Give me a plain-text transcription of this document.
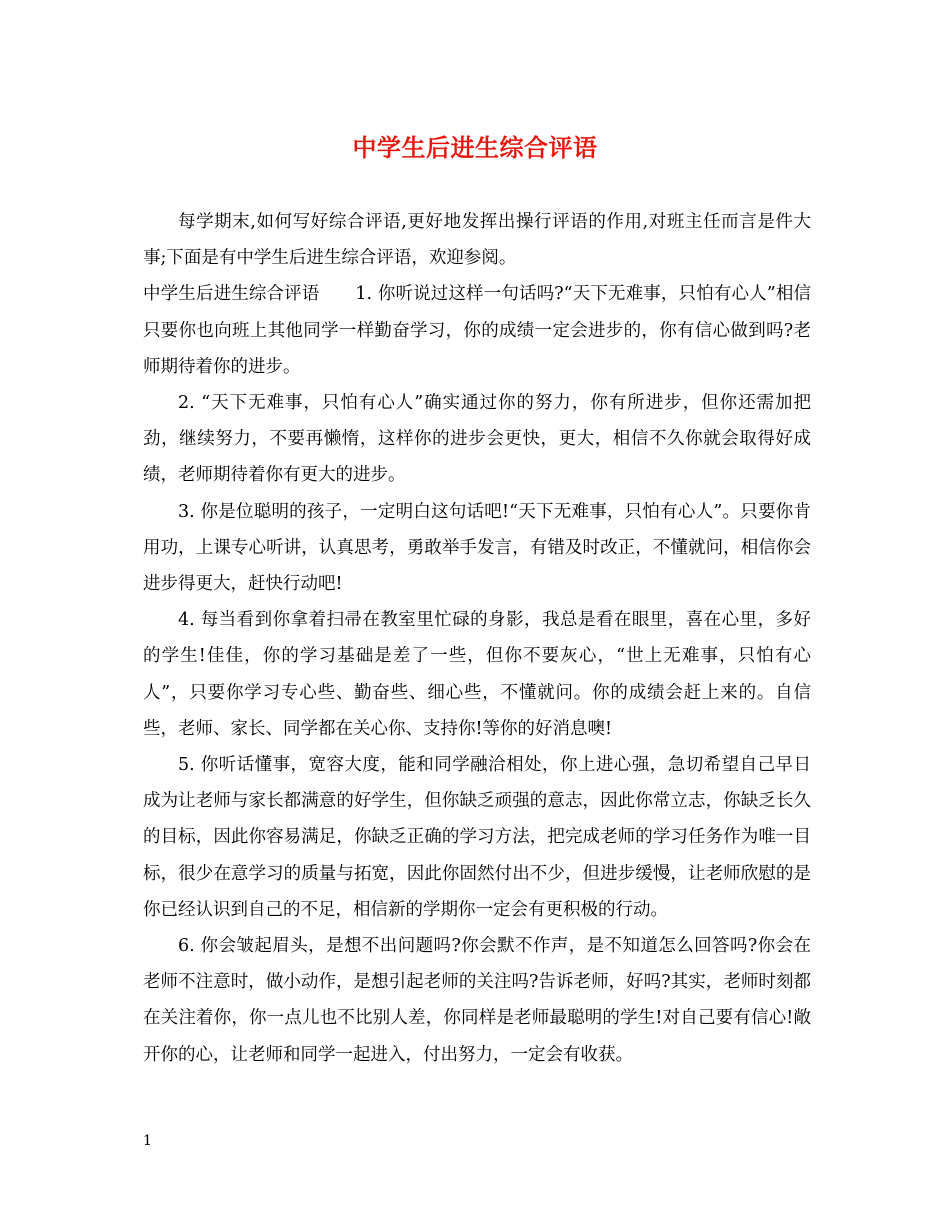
中学生后进生综合评语

每学期末,如何写好综合评语,更好地发挥出操行评语的作用,对班主任而言是件大事;下面是有中学生后进生综合评语，欢迎参阅。

中学生后进生综合评语 1. 你听说过这样一句话吗?“天下无难事，只怕有心人”相信只要你也向班上其他同学一样勤奋学习，你的成绩一定会进步的，你有信心做到吗?老师期待着你的进步。

2. “天下无难事，只怕有心人”确实通过你的努力，你有所进步，但你还需加把劲，继续努力，不要再懒惰，这样你的进步会更快，更大，相信不久你就会取得好成绩，老师期待着你有更大的进步。

3. 你是位聪明的孩子，一定明白这句话吧!“天下无难事，只怕有心人”。只要你肯用功，上课专心听讲，认真思考，勇敢举手发言，有错及时改正，不懂就问，相信你会进步得更大，赶快行动吧!

4. 每当看到你拿着扫帚在教室里忙碌的身影，我总是看在眼里，喜在心里，多好的学生!佳佳，你的学习基础是差了一些，但你不要灰心，“世上无难事，只怕有心人”，只要你学习专心些、勤奋些、细心些，不懂就问。你的成绩会赶上来的。自信些，老师、家长、同学都在关心你、支持你!等你的好消息噢!

5. 你听话懂事，宽容大度，能和同学融洽相处，你上进心强，急切希望自己早日成为让老师与家长都满意的好学生，但你缺乏顽强的意志，因此你常立志，你缺乏长久的目标，因此你容易满足，你缺乏正确的学习方法，把完成老师的学习任务作为唯一目标，很少在意学习的质量与拓宽，因此你固然付出不少，但进步缓慢，让老师欣慰的是你已经认识到自己的不足，相信新的学期你一定会有更积极的行动。

6. 你会皱起眉头，是想不出问题吗?你会默不作声，是不知道怎么回答吗?你会在老师不注意时，做小动作，是想引起老师的关注吗?告诉老师，好吗?其实，老师时刻都在关注着你，你一点儿也不比别人差，你同样是老师最聪明的学生!对自己要有信心!敞开你的心，让老师和同学一起进入，付出努力，一定会有收获。

1
